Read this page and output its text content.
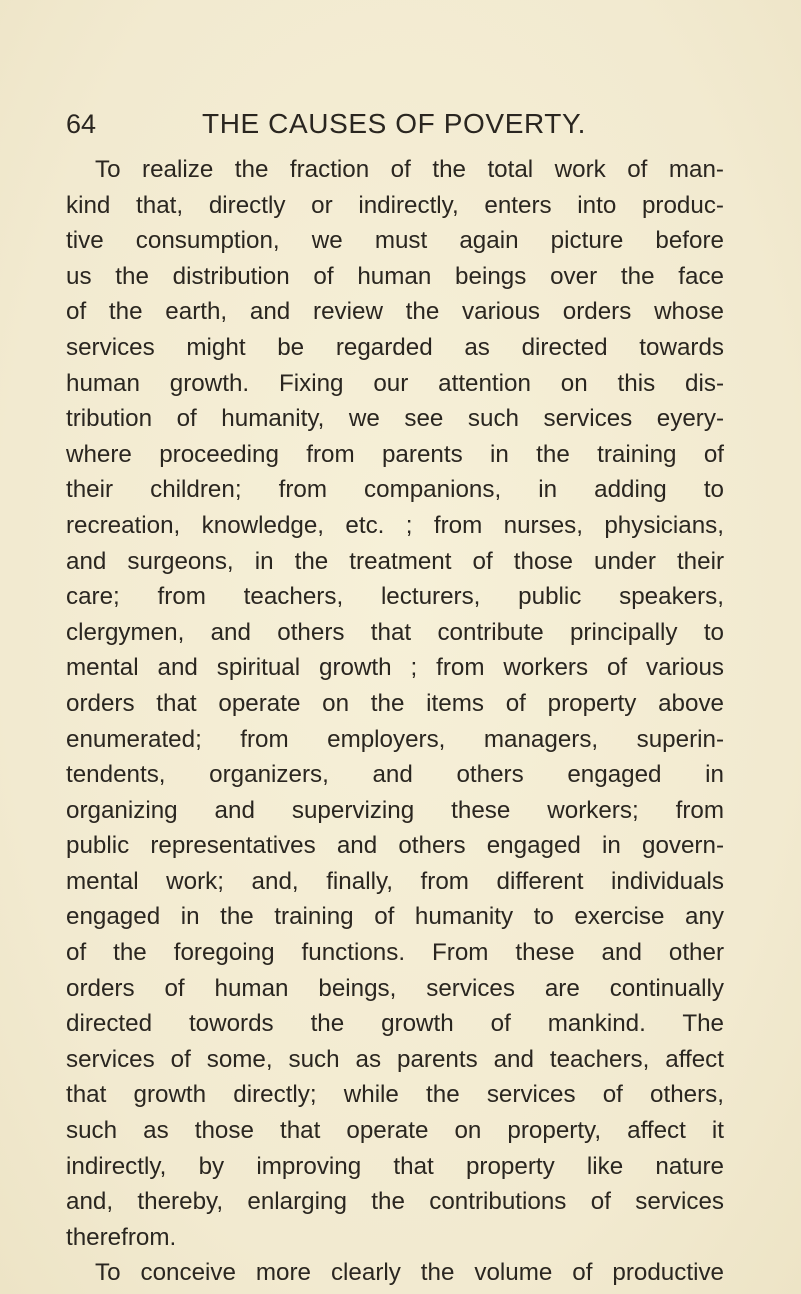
64	THE CAUSES OF POVERTY.
To realize the fraction of the total work of man-
kind that, directly or indirectly, enters into produc-
tive consumption, we must again picture before
us the distribution of human beings over the face
of the earth, and review the various orders whose
services might be regarded as directed towards
human growth. Fixing our attention on this dis-
tribution of humanity, we see such services eyery-
where proceeding from parents in the training of
their children; from companions, in adding to
recreation, knowledge, etc. ; from nurses, physicians,
and surgeons, in the treatment of those under their
care; from teachers, lecturers, public speakers,
clergymen, and others that contribute principally to
mental and spiritual growth ; from workers of various
orders that operate on the items of property above
enumerated; from employers, managers, superin-
tendents, organizers, and others engaged in
organizing and supervizing these workers; from
public representatives and others engaged in govern-
mental work; and, finally, from different individuals
engaged in the training of humanity to exercise any
of the foregoing functions. From these and other
orders of human beings, services are continually
directed towords the growth of mankind. The
services of some, such as parents and teachers, affect
that growth directly; while the services of others,
such as those that operate on property, affect it
indirectly, by improving that property like nature
and, thereby, enlarging the contributions of services
therefrom.
To conceive more clearly the volume of productive
